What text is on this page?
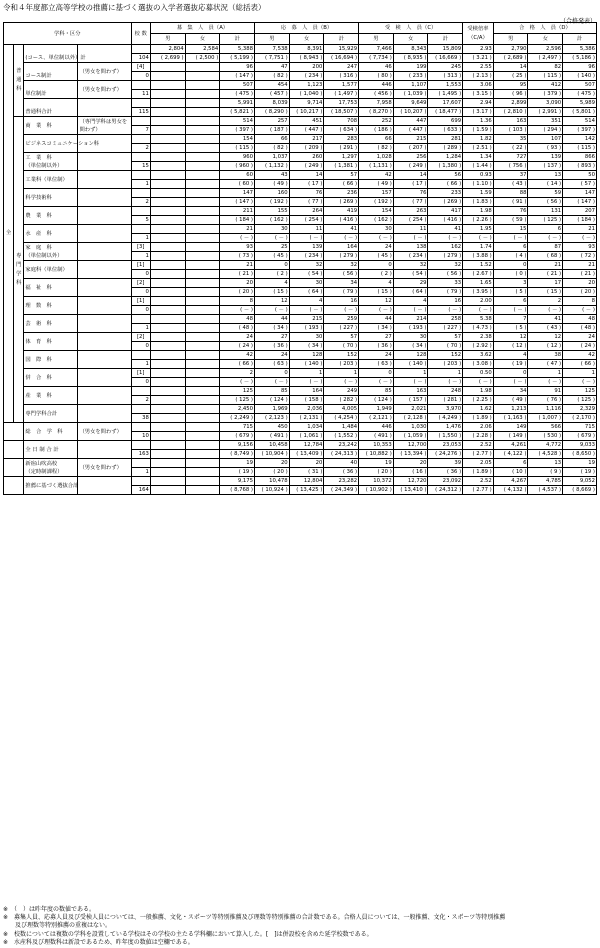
令和４年度都立高等学校の推薦に基づく選抜の入学者選抜応募状況（総括表）
（合格発表）
学科・区分				校 数	募　集　人　員（A）			応　募　人　員（B）			受　検　人　員（C）			受検倍率（C/A）	合　格　人　員（D）		
					男	女	計	男	女	計	男	女	計		男	女	計
全	普通科	(コース、単位制以外）計			2,804	2,584	5,388	7,538	8,391	15,929	7,466	8,343	15,809	2.93	2,790	2,596	5,386
				104	( 2,699 )	( 2,500 )	( 5,199 )	( 7,751 )	( 8,943 )	( 16,694 )	( 7,734 )	( 8,935 )	( 16,669 )	( 3.21 )	( 2,689 )	( 2,497 )	( 5,186 )

コース制計	（男女を問わず）	[4]			96	47	200	247	46	199	245	2.55	14	82	96
				0			( 147 )	( 82 )	( 234 )	( 316 )	( 80 )	( 233 )	( 313 )	( 2.13 )	( 25 )	( 115 )	( 140 )

単位制計	（男女を問わず）				507	454	1,123	1,577	446	1,107	1,553	3.06	95	412	507
				11			( 475 )	( 457 )	( 1,040 )	( 1,497 )	( 456 )	( 1,039 )	( 1,495 )	( 3.15 )	( 96 )	( 379 )	( 475 )

普通科合計					5,991	8,039	9,714	17,753	7,958	9,649	17,607	2.94	2,899	3,090	5,989
				115			( 5,821 )	( 8,290 )	( 10,217 )	( 18,507 )	( 8,270 )	( 10,207 )	( 18,477 )	( 3.17 )	( 2,810 )	( 2,991 )	( 5,801 )
	専門学科	商　業　科	（専門学科は男女を問わず）				514	257	451	708	252	447	699	1.36	163	351	514
				7			( 397 )	( 187 )	( 447 )	( 634 )	( 186 )	( 447 )	( 633 )	( 1.59 )	( 103 )	( 294 )	( 397 )
		ビジネスコミュニケーション科					154	66	217	283	66	215	281	1.82	35	107	142
				2			( 115 )	( 82 )	( 209 )	( 291 )	( 82 )	( 207 )	( 289 )	( 2.51 )	( 22 )	( 93 )	( 115 )
		工　業　科
（単位制以外）					960	1,037	260	1,297	1,028	256	1,284	1.34	727	139	866
				15			( 960 )	( 1,132 )	( 249 )	( 1,381 )	( 1,131 )	( 249 )	( 1,380 )	( 1.44 )	( 756 )	( 137 )	( 893 )
		工業科（単位制）					60	43	14	57	42	14	56	0.93	37	13	50
				1			( 60 )	( 49 )	( 17 )	( 66 )	( 49 )	( 17 )	( 66 )	( 1.10 )	( 43 )	( 14 )	( 57 )
		科学技術科					147	160	76	236	157	76	233	1.59	88	59	147
				2			( 147 )	( 192 )	( 77 )	( 269 )	( 192 )	( 77 )	( 269 )	( 1.83 )	( 91 )	( 56 )	( 147 )
		農　業　科					211	155	264	419	154	263	417	1.98	76	131	207
				5			( 184 )	( 162 )	( 254 )	( 416 )	( 162 )	( 254 )	( 416 )	( 2.26 )	( 59 )	( 125 )	( 184 )
		水　産　科					21	30	11	41	30	11	41	1.95	15	6	21
				1			( － )	( － )	( － )	( － )	( － )	( － )	( － )	( － )	( － )	( － )	( － )
		家　庭　科
（単位制以外）		[3]			93	25	139	164	24	138	162	1.74	6	87	93
				1			( 73 )	( 45 )	( 234 )	( 279 )	( 45 )	( 234 )	( 279 )	( 3.88 )	( 4 )	( 68 )	( 72 )
		家庭科（単位制）		[1]			21	0	32	32	0	32	32	1.52	0	21	21
				0			( 21 )	( 2 )	( 54 )	( 56 )	( 2 )	( 54 )	( 56 )	( 2.67 )	( 0 )	( 21 )	( 21 )
		福　祉　科		[2]			20	4	30	34	4	29	33	1.65	3	17	20
				0			( 20 )	( 15 )	( 64 )	( 79 )	( 15 )	( 64 )	( 79 )	( 3.95 )	( 5 )	( 15 )	( 20 )
		理　数　科		[1]			8	12	4	16	12	4	16	2.00	6	2	8
				0			( － )	( － )	( － )	( － )	( － )	( － )	( － )	( － )	( － )	( － )	( － )
		芸　術　科					48	44	215	259	44	214	258	5.38	7	41	48
				1			( 48 )	( 34 )	( 193 )	( 227 )	( 34 )	( 193 )	( 227 )	( 4.73 )	( 5 )	( 43 )	( 48 )
		体　育　科		[2]			24	27	30	57	27	30	57	2.38	12	12	24
				0			( 24 )	( 36 )	( 34 )	( 70 )	( 36 )	( 34 )	( 70 )	( 2.92 )	( 12 )	( 12 )	( 24 )
		国　際　科					42	24	128	152	24	128	152	3.62	4	38	42
				1			( 66 )	( 63 )	( 140 )	( 203 )	( 63 )	( 140 )	( 203 )	( 3.08 )	( 19 )	( 47 )	( 66 )
		併　合　科		[1]			2	0	1	1	0	1	1	0.50	0	1	1
				0			( － )	( － )	( － )	( － )	( － )	( － )	( － )	( － )	( － )	( － )	( － )
		産　業　科					125	85	164	249	85	163	248	1.98	34	91	125
				2			( 125 )	( 124 )	( 158 )	( 282 )	( 124 )	( 157 )	( 281 )	( 2.25 )	( 49 )	( 76 )	( 125 )
		専門学科合計					2,450	1,969	2,036	4,005	1,949	2,021	3,970	1.62	1,213	1,116	2,329
				38			( 2,249 )	( 2,123 )	( 2,131 )	( 4,254 )	( 2,121 )	( 2,128 )	( 4,249 )	( 1.89 )	( 1,163 )	( 1,007 )	( 2,170 )
		総　合　学　科	（男女を問わず）				715	450	1,034	1,484	446	1,030	1,476	2.06	149	566	715
				10			( 679 )	( 491 )	( 1,061 )	( 1,552 )	( 491 )	( 1,059 )	( 1,550 )	( 2.28 )	( 149 )	( 530 )	( 679 )
		全 日 制 合 計					9,156	10,458	12,784	23,242	10,353	12,700	23,053	2.52	4,261	4,772	9,033
				163			( 8,749 )	( 10,904 )	( 13,409 )	( 24,313 )	( 10,882 )	( 13,394 )	( 24,276 )	( 2.77 )	( 4,122 )	( 4,528 )	( 8,650 )
		新宿山吹高校
（定時制課程）	（男女を問わず）				19	20	20	40	19	20	39	2.05	6	13	19
				1			( 19 )	( 20 )	( 31 )	( 36 )	( 20 )	( 16 )	( 36 )	( 1.89 )	( 10 )	( 9 )	( 19 )
		推薦に基づく選抜合計					9,175	10,478	12,804	23,282	10,372	12,720	23,092	2.52	4,267	4,785	9,052
				164			( 8,768 )	( 10,924 )	( 13,425 )	( 24,349 )	( 10,902 )	( 13,410 )	( 24,312 )	( 2.77 )	( 4,132 )	( 4,537 )	( 8,669 )
※　（　）は昨年度の数値である。
※　募集人員、応募人員及び受検人員については、一般推薦、文化・スポーツ等特別推薦及び理数等特別推薦の合計数である。合格人員については、一般推薦、文化・スポーツ等特別推薦
及び理数等特別推薦の重複はない。
※　校数については複数の学科を設置している学校はその学校の主たる学科欄において算入した。[　]は併設校を含めた延学校数である。
※　水産科及び理数科は新設であるため、昨年度の数値は空欄である。
